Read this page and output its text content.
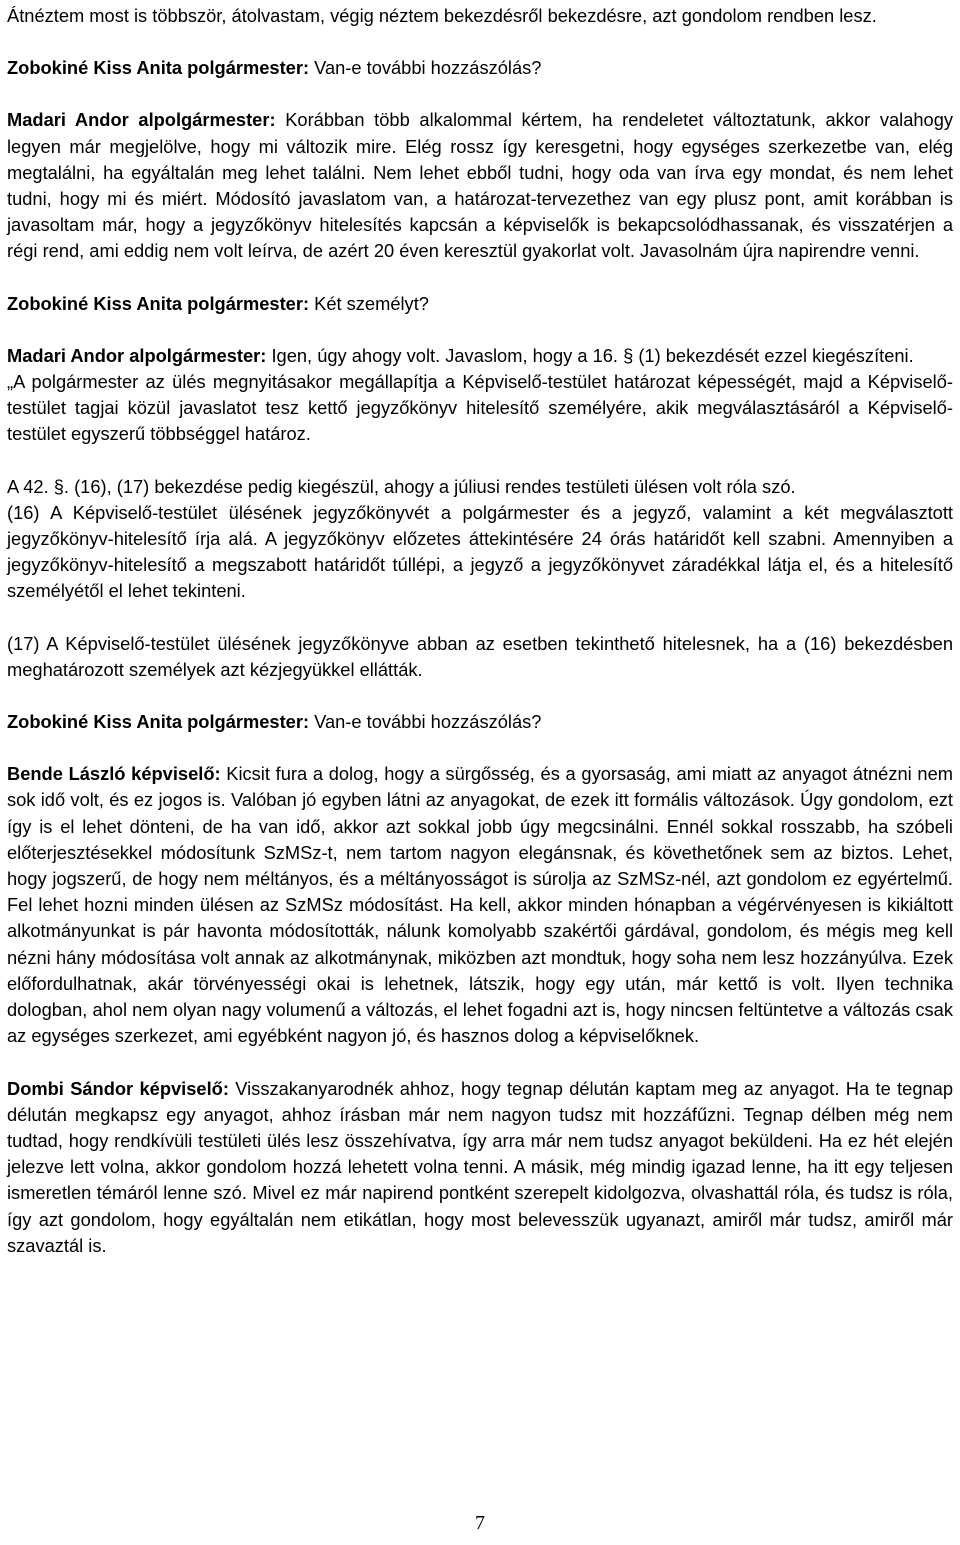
Átnéztem most is többször, átolvastam, végig néztem bekezdésről bekezdésre, azt gondolom rendben lesz.

Zobokiné Kiss Anita polgármester: Van-e további hozzászólás?

Madari Andor alpolgármester: Korábban több alkalommal kértem, ha rendeletet változtatunk, akkor valahogy legyen már megjelölve, hogy mi változik mire. Elég rossz így keresgetni, hogy egységes szerkezetbe van, elég megtalálni, ha egyáltalán meg lehet találni. Nem lehet ebből tudni, hogy oda van írva egy mondat, és nem lehet tudni, hogy mi és miért. Módosító javaslatom van, a határozat-tervezethez van egy plusz pont, amit korábban is javasoltam már, hogy a jegyzőkönyv hitelesítés kapcsán a képviselők is bekapcsolódhassanak, és visszatérjen a régi rend, ami eddig nem volt leírva, de azért 20 éven keresztül gyakorlat volt. Javasolnám újra napirendre venni.

Zobokiné Kiss Anita polgármester: Két személyt?

Madari Andor alpolgármester: Igen, úgy ahogy volt. Javaslom, hogy a 16. § (1) bekezdését ezzel kiegészíteni.

„A polgármester az ülés megnyitásakor megállapítja a Képviselő-testület határozat képességét, majd a Képviselő-testület tagjai közül javaslatot tesz kettő jegyzőkönyv hitelesítő személyére, akik megválasztásáról a Képviselő-testület egyszerű többséggel határoz.

A 42. §. (16), (17) bekezdése pedig kiegészül, ahogy a júliusi rendes testületi ülésen volt róla szó.

(16) A Képviselő-testület ülésének jegyzőkönyvét a polgármester és a jegyző, valamint a két megválasztott jegyzőkönyv-hitelesítő írja alá. A jegyzőkönyv előzetes áttekintésére 24 órás határidőt kell szabni. Amennyiben a jegyzőkönyv-hitelesítő a megszabott határidőt túllépi, a jegyző a jegyzőkönyvet záradékkal látja el, és a hitelesítő személyétől el lehet tekinteni.

(17) A Képviselő-testület ülésének jegyzőkönyve abban az esetben tekinthető hitelesnek, ha a (16) bekezdésben meghatározott személyek azt kézjegyükkel ellátták.

Zobokiné Kiss Anita polgármester: Van-e további hozzászólás?

Bende László képviselő: Kicsit fura a dolog, hogy a sürgősség, és a gyorsaság, ami miatt az anyagot átnézni nem sok idő volt, és ez jogos is. Valóban jó egyben látni az anyagokat, de ezek itt formális változások. Úgy gondolom, ezt így is el lehet dönteni, de ha van idő, akkor azt sokkal jobb úgy megcsinálni. Ennél sokkal rosszabb, ha szóbeli előterjesztésekkel módosítunk SzMSz-t, nem tartom nagyon elegánsnak, és követhetőnek sem az biztos. Lehet, hogy jogszerű, de hogy nem méltányos, és a méltányosságot is súrolja az SzMSz-nél, azt gondolom ez egyértelmű. Fel lehet hozni minden ülésen az SzMSz módosítást. Ha kell, akkor minden hónapban a végérvényesen is kikiáltott alkotmányunkat is pár havonta módosították, nálunk komolyabb szakértői gárdával, gondolom, és mégis meg kell nézni hány módosítása volt annak az alkotmánynak, miközben azt mondtuk, hogy soha nem lesz hozzányúlva. Ezek előfordulhatnak, akár törvényességi okai is lehetnek, látszik, hogy egy után, már kettő is volt. Ilyen technika dologban, ahol nem olyan nagy volumenű a változás, el lehet fogadni azt is, hogy nincsen feltüntetve a változás csak az egységes szerkezet, ami egyébként nagyon jó, és hasznos dolog a képviselőknek.

Dombi Sándor képviselő: Visszakanyarodnék ahhoz, hogy tegnap délután kaptam meg az anyagot. Ha te tegnap délután megkapsz egy anyagot, ahhoz írásban már nem nagyon tudsz mit hozzáfűzni. Tegnap délben még nem tudtad, hogy rendkívüli testületi ülés lesz összehívatva, így arra már nem tudsz anyagot beküldeni. Ha ez hét elején jelezve lett volna, akkor gondolom hozzá lehetett volna tenni. A másik, még mindig igazad lenne, ha itt egy teljesen ismeretlen témáról lenne szó. Mivel ez már napirend pontként szerepelt kidolgozva, olvashattál róla, és tudsz is róla, így azt gondolom, hogy egyáltalán nem etikátlan, hogy most belevesszük ugyanazt, amiről már tudsz, amiről már szavaztál is.

7
